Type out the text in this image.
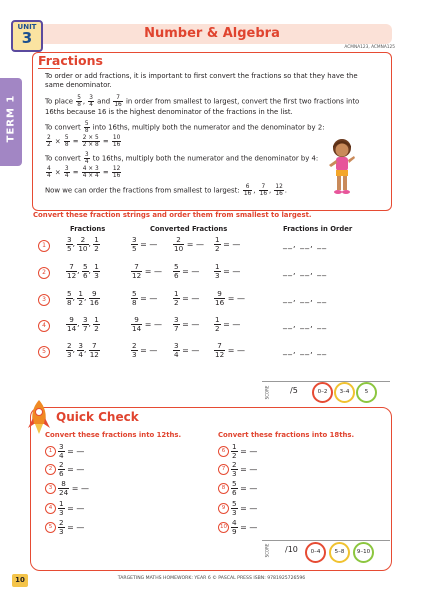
UNIT
3	Number & Algebra
ACMNA123, ACMNA125
TERM 1
Fractions
To order or add fractions, it is important to first convert the fractions so that they have the same denominator.
To place $\frac{5}{8}$ , $\frac{3}{4}$ and $\frac{7}{16}$ in order from smallest to largest, convert the first two fractions into 16ths because 16 is the highest denominator of the fractions in the list.
To convert $\frac{5}{8}$ into 16ths, multiply both the numerator and the denominator by 2:
$\frac{2}{2} \times \frac{5}{8} = \frac{2 \times 5}{2 \times 8} = \frac{10}{16}$
To convert $\frac{3}{4}$ to 16ths, multiply both the numerator and the denominator by 4:
$\frac{4}{4} \times \frac{3}{4} = \frac{4 \times 3}{4 \times 4} = \frac{12}{16}$
Now we can order the fractions from smallest to largest: $\frac{6}{16}$ , $\frac{7}{16}$ , $\frac{12}{16}$ .
Convert these fraction strings and order them from smallest to largest.
Fractions	Converted Fractions	Fractions in Order
1	$\frac{3}{5}$ , $\frac{2}{10}$ , $\frac{1}{2}$	$\frac{3}{5}$ = — $\frac{2}{10}$ = — $\frac{1}{2}$ = —	__, __, __
2	$\frac{7}{12}$ , $\frac{5}{6}$ , $\frac{1}{3}$	$\frac{7}{12}$ = — $\frac{5}{6}$ = — $\frac{1}{3}$ = —	__, __, __
3	$\frac{5}{8}$ , $\frac{1}{2}$ , $\frac{9}{16}$	$\frac{5}{8}$ = — $\frac{1}{2}$ = — $\frac{9}{16}$ = —	__, __, __
4	$\frac{9}{14}$ , $\frac{3}{7}$ , $\frac{1}{2}$	$\frac{9}{14}$ = — $\frac{3}{7}$ = — $\frac{1}{2}$ = —	__, __, __
5	$\frac{2}{3}$ , $\frac{3}{4}$ , $\frac{7}{12}$	$\frac{2}{3}$ = — $\frac{3}{4}$ = — $\frac{7}{12}$ = —	__, __, __
SCORE	/5	0–2	3–4	5
Quick Check
Convert these fractions into 12ths.	Convert these fractions into 18ths.
$1 \frac{3}{4}$ = —
$2 \frac{2}{6}$ = —
$3 \frac{8}{24}$ = —
$4 \frac{1}{3}$ = —
$5 \frac{2}{3}$ = —
$6 \frac{1}{2}$ = —
$7 \frac{2}{3}$ = —
$8 \frac{5}{6}$ = —
$9 \frac{5}{3}$ = —
$10 \frac{4}{9}$ = —
SCORE /10	0–4	5–8	9–10
10	TARGETING MATHS HOMEWORK: YEAR 6 © PASCAL PRESS ISBN: 9781925726596
